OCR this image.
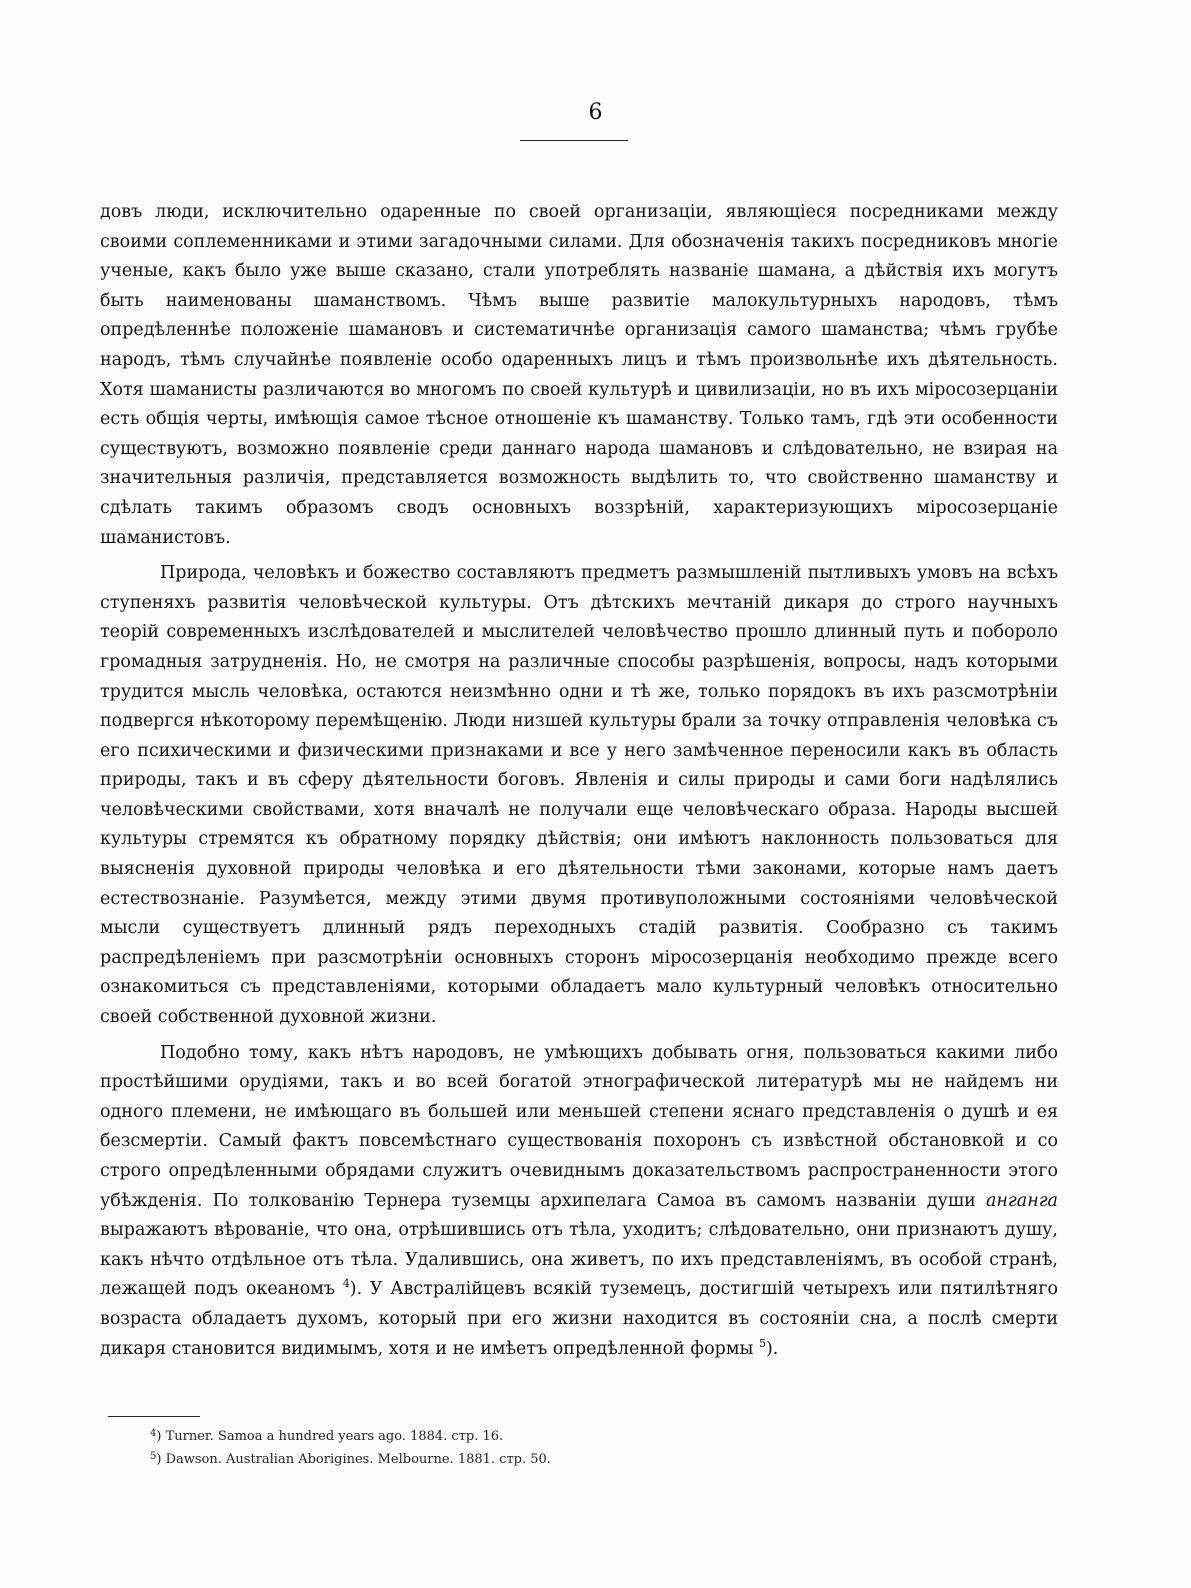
6

довъ люди, исключительно одаренные по своей организаціи, являющіеся посредниками между своими соплеменниками и этими загадочными силами. Для обозначенія такихъ посредниковъ многіе ученые, какъ было уже выше сказано, стали употреблять названіе шамана, а дѣйствія ихъ могутъ быть наименованы шаманствомъ. Чѣмъ выше развитіе малокультурныхъ народовъ, тѣмъ опредѣленнѣе положеніе шамановъ и систематичнѣе организація самого шаманства; чѣмъ грубѣе народъ, тѣмъ случайнѣе появленіе особо одаренныхъ лицъ и тѣмъ произвольнѣе ихъ дѣятельность. Хотя шаманисты различаются во многомъ по своей культурѣ и цивилизаціи, но въ ихъ міросозерцаніи есть общія черты, имѣющія самое тѣсное отношеніе къ шаманству. Только тамъ, гдѣ эти особенности существуютъ, возможно появленіе среди даннаго народа шамановъ и слѣдовательно, не взирая на значительныя различія, представляется возможность выдѣлить то, что свойственно шаманству и сдѣлать такимъ образомъ сводъ основныхъ воззрѣній, характеризующихъ міросозерцаніе шаманистовъ.

Природа, человѣкъ и божество составляютъ предметъ размышленій пытливыхъ умовъ на всѣхъ ступеняхъ развитія человѣческой культуры. Отъ дѣтскихъ мечтаній дикаря до строго научныхъ теорій современныхъ изслѣдователей и мыслителей человѣчество прошло длинный путь и побороло громадныя затрудненія. Но, не смотря на различные способы разрѣшенія, вопросы, надъ которыми трудится мысль человѣка, остаются неизмѣнно одни и тѣ же, только порядокъ въ ихъ разсмотрѣніи подвергся нѣкоторому перемѣщенію. Люди низшей культуры брали за точку отправленія человѣка съ его психическими и физическими признаками и все у него замѣченное переносили какъ въ область природы, такъ и въ сферу дѣятельности боговъ. Явленія и силы природы и сами боги надѣлялись человѣческими свойствами, хотя вначалѣ не получали еще человѣческаго образа. Народы высшей культуры стремятся къ обратному порядку дѣйствія; они имѣютъ наклонность пользоваться для выясненія духовной природы человѣка и его дѣятельности тѣми законами, которые намъ даетъ естествознаніе. Разумѣется, между этими двумя противуположными состояніями человѣческой мысли существуетъ длинный рядъ переходныхъ стадій развитія. Сообразно съ такимъ распредѣленіемъ при разсмотрѣніи основныхъ сторонъ міросозерцанія необходимо прежде всего ознакомиться съ представленіями, которыми обладаетъ мало культурный человѣкъ относительно своей собственной духовной жизни.

Подобно тому, какъ нѣтъ народовъ, не умѣющихъ добывать огня, пользоваться какими либо простѣйшими орудіями, такъ и во всей богатой этнографической литературѣ мы не найдемъ ни одного племени, не имѣющаго въ большей или меньшей степени яснаго представленія о душѣ и ея безсмертіи. Самый фактъ повсемѣстнаго существованія похоронъ съ извѣстной обстановкой и со строго опредѣленными обрядами служитъ очевиднымъ доказательствомъ распространенности этого убѣжденія. По толкованію Тернера туземцы архипелага Самоа въ самомъ названіи души анганга выражаютъ вѣрованіе, что она, отрѣшившись отъ тѣла, уходитъ; слѣдовательно, они признаютъ душу, какъ нѣчто отдѣльное отъ тѣла. Удалившись, она живетъ, по ихъ представленіямъ, въ особой странѣ, лежащей подъ океаномъ $^4$). У Австралійцевъ всякій туземецъ, достигшій четырехъ или пятилѣтняго возраста обладаетъ духомъ, который при его жизни находится въ состояніи сна, а послѣ смерти дикаря становится видимымъ, хотя и не имѣетъ опредѣленной формы $^5$).

$^4$) Turner. Samoa a hundred years ago. 1884. стр. 16.
$^5$) Dawson. Australian Aborigines. Melbourne. 1881. стр. 50.
